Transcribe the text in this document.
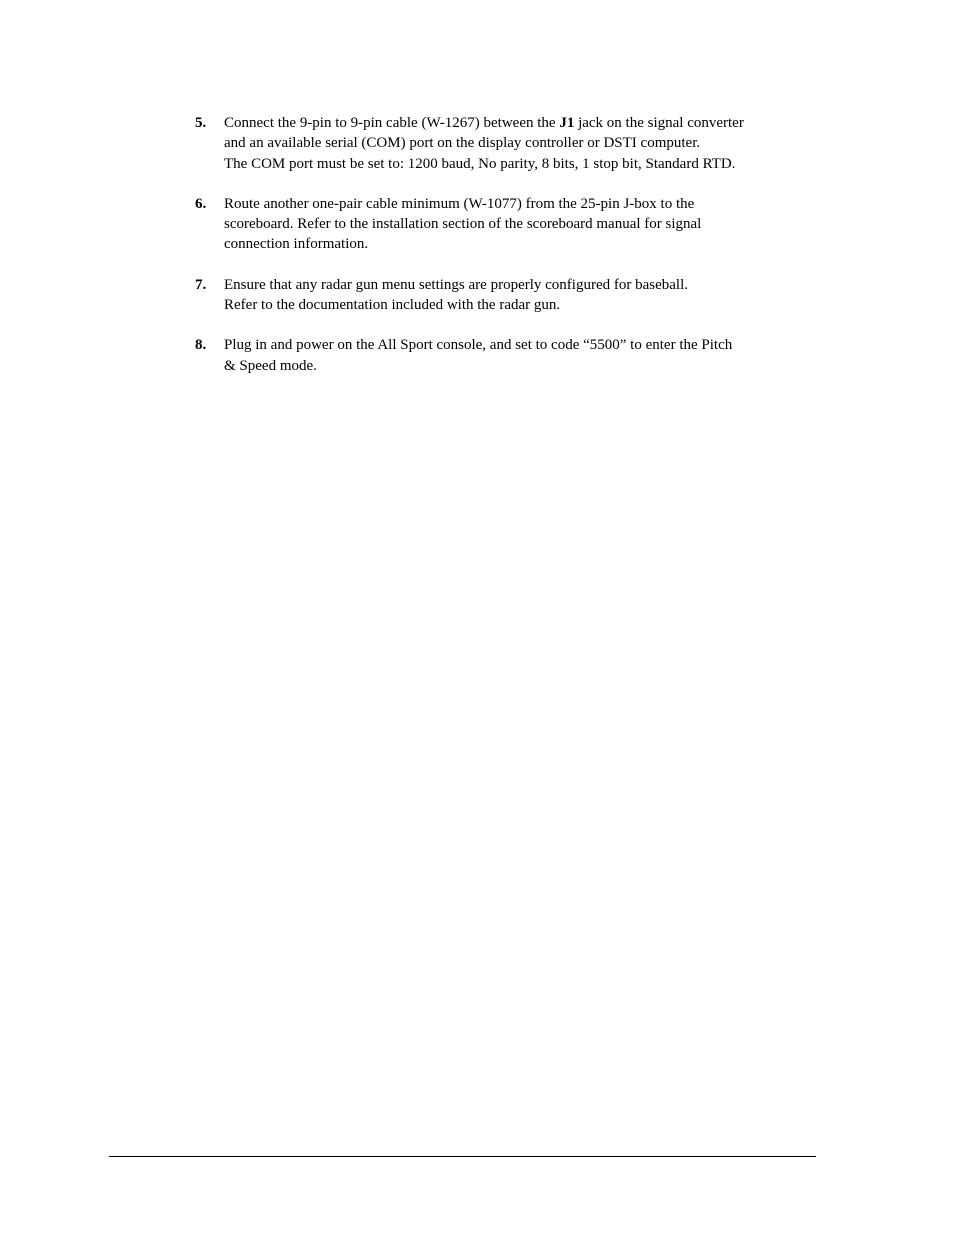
5. Connect the 9-pin to 9-pin cable (W-1267) between the J1 jack on the signal converter
and an available serial (COM) port on the display controller or DSTI computer.
The COM port must be set to: 1200 baud, No parity, 8 bits, 1 stop bit, Standard RTD.
6. Route another one-pair cable minimum (W-1077) from the 25-pin J-box to the
scoreboard. Refer to the installation section of the scoreboard manual for signal
connection information.
7. Ensure that any radar gun menu settings are properly configured for baseball.
Refer to the documentation included with the radar gun.
8. Plug in and power on the All Sport console, and set to code “5500” to enter the Pitch
& Speed mode.
